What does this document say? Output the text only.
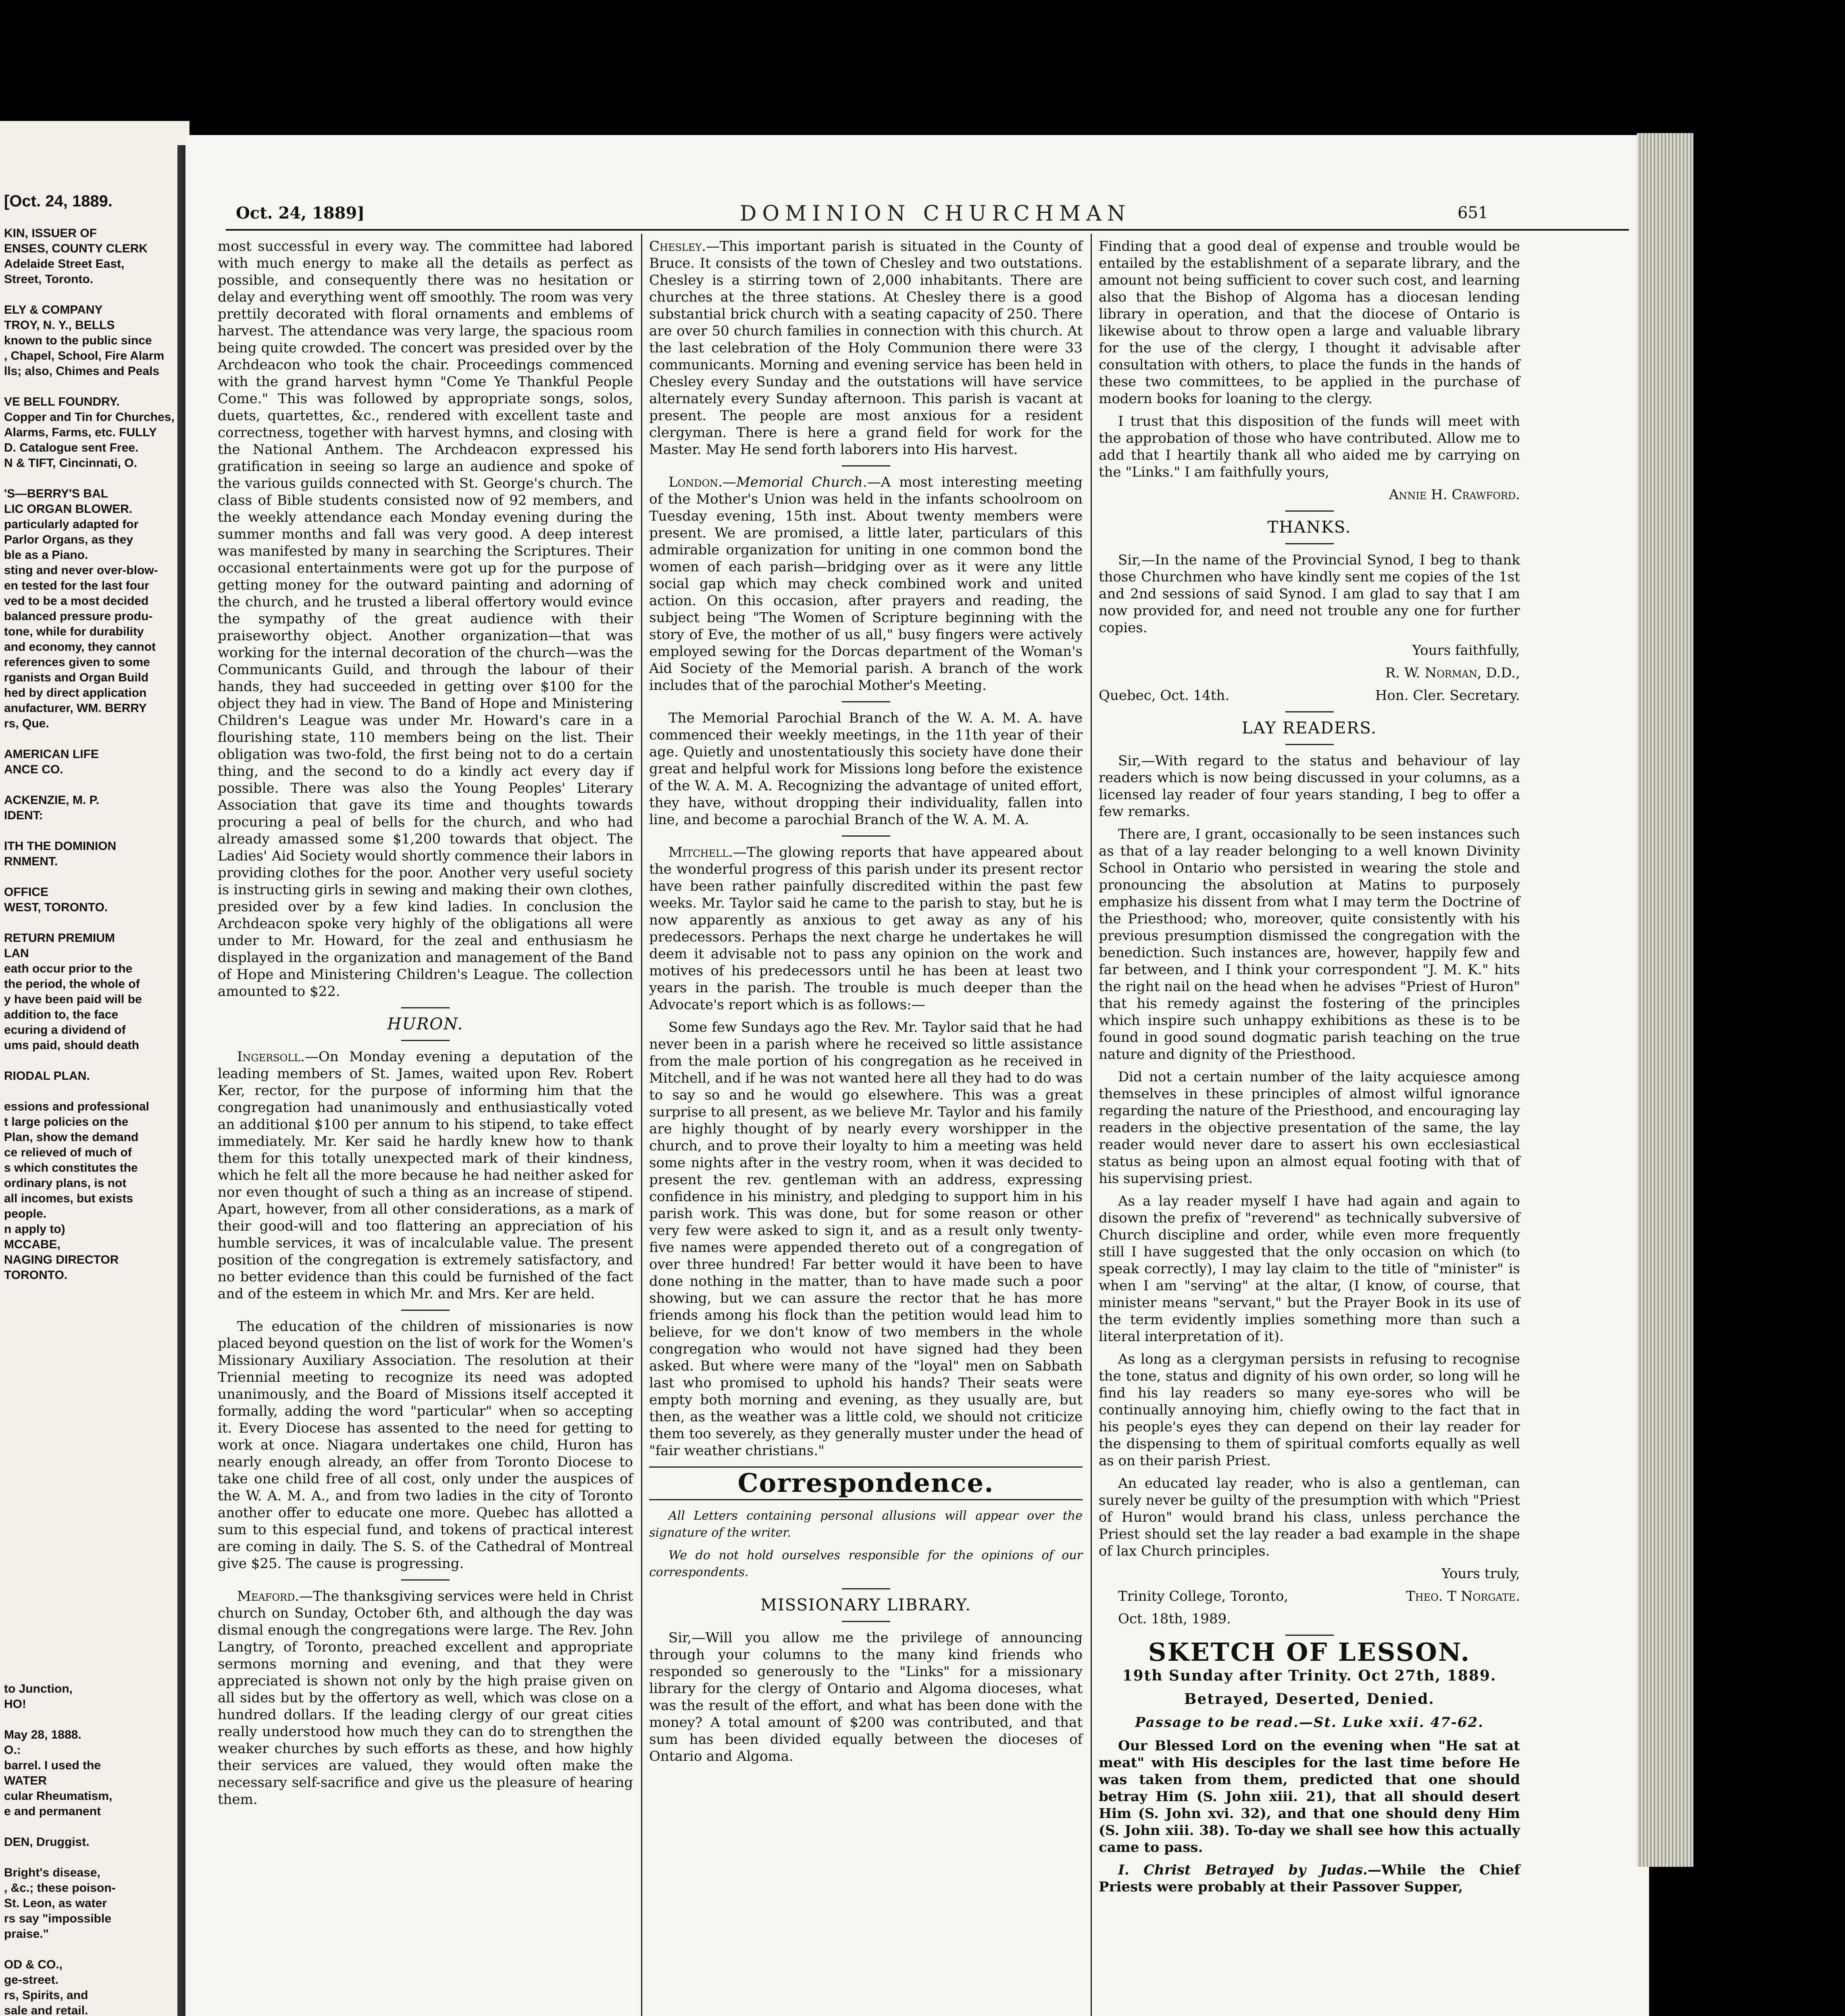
[Oct. 24, 1889.
KIN, ISSUER OF
ENSES, COUNTY CLERK
Adelaide Street East,
Street, Toronto.

ELY & COMPANY
TROY, N. Y., BELLS
known to the public since
, Chapel, School, Fire Alarm
lls; also, Chimes and Peals

VE BELL FOUNDRY.
Copper and Tin for Churches,
Alarms, Farms, etc. FULLY
D. Catalogue sent Free.
N & TIFT, Cincinnati, O.

'S—BERRY'S BAL
LIC ORGAN BLOWER.
particularly adapted for
Parlor Organs, as they
ble as a Piano.
sting and never over-blow-
en tested for the last four
ved to be a most decided
balanced pressure produ-
tone, while for durability
and economy, they cannot
references given to some
rganists and Organ Build
hed by direct application
anufacturer, WM. BERRY
rs, Que.

AMERICAN LIFE
ANCE CO.

ACKENZIE, M. P.
IDENT:

ITH THE DOMINION
RNMENT.

OFFICE
WEST, TORONTO.

RETURN PREMIUM
LAN
eath occur prior to the
the period, the whole of
y have been paid will be
addition to, the face
ecuring a dividend of
ums paid, should death

RIODAL PLAN.

essions and professional
t large policies on the
Plan, show the demand
ce relieved of much of
s which constitutes the
ordinary plans, is not
all incomes, but exists
people.
n apply to)
MCCABE,
NAGING DIRECTOR
TORONTO.
to Junction,
HO!

May 28, 1888.
O.:
barrel. I used the
WATER
cular Rheumatism,
e and permanent

DEN, Druggist.

Bright's disease,
, &c.; these poison-
St. Leon, as water
rs say "impossible
praise."

OD & CO.,
ge-street.
rs, Spirits, and
sale and retail.
Oct. 24, 1889]	DOMINION CHURCHMAN	651

most successful in every way. The committee had labored with much energy to make all the details as perfect as possible, and consequently there was no hesitation or delay and everything went off smoothly. The room was very prettily decorated with floral ornaments and emblems of harvest. The attendance was very large, the spacious room being quite crowded. The concert was presided over by the Archdeacon who took the chair. Proceedings commenced with the grand harvest hymn "Come Ye Thankful People Come." This was followed by appropriate songs, solos, duets, quartettes, &c., rendered with excellent taste and correctness, together with harvest hymns, and closing with the National Anthem. The Archdeacon expressed his gratification in seeing so large an audience and spoke of the various guilds connected with St. George's church. The class of Bible students consisted now of 92 members, and the weekly attendance each Monday evening during the summer months and fall was very good. A deep interest was manifested by many in searching the Scriptures. Their occasional entertainments were got up for the purpose of getting money for the outward painting and adorning of the church, and he trusted a liberal offertory would evince the sympathy of the great audience with their praiseworthy object. Another organization—that was working for the internal decoration of the church—was the Communicants Guild, and through the labour of their hands, they had succeeded in getting over $100 for the object they had in view. The Band of Hope and Ministering Children's League was under Mr. Howard's care in a flourishing state, 110 members being on the list. Their obligation was two-fold, the first being not to do a certain thing, and the second to do a kindly act every day if possible. There was also the Young Peoples' Literary Association that gave its time and thoughts towards procuring a peal of bells for the church, and who had already amassed some $1,200 towards that object. The Ladies' Aid Society would shortly commence their labors in providing clothes for the poor. Another very useful society is instructing girls in sewing and making their own clothes, presided over by a few kind ladies. In conclusion the Archdeacon spoke very highly of the obligations all were under to Mr. Howard, for the zeal and enthusiasm he displayed in the organization and management of the Band of Hope and Ministering Children's League. The collection amounted to $22.

HURON.

Ingersoll.—On Monday evening a deputation of the leading members of St. James, waited upon Rev. Robert Ker, rector, for the purpose of informing him that the congregation had unanimously and enthusiastically voted an additional $100 per annum to his stipend, to take effect immediately. Mr. Ker said he hardly knew how to thank them for this totally unexpected mark of their kindness, which he felt all the more because he had neither asked for nor even thought of such a thing as an increase of stipend. Apart, however, from all other considerations, as a mark of their good-will and too flattering an appreciation of his humble services, it was of incalculable value. The present position of the congregation is extremely satisfactory, and no better evidence than this could be furnished of the fact and of the esteem in which Mr. and Mrs. Ker are held.

The education of the children of missionaries is now placed beyond question on the list of work for the Women's Missionary Auxiliary Association. The resolution at their Triennial meeting to recognize its need was adopted unanimously, and the Board of Missions itself accepted it formally, adding the word "particular" when so accepting it. Every Diocese has assented to the need for getting to work at once. Niagara undertakes one child, Huron has nearly enough already, an offer from Toronto Diocese to take one child free of all cost, only under the auspices of the W. A. M. A., and from two ladies in the city of Toronto another offer to educate one more. Quebec has allotted a sum to this especial fund, and tokens of practical interest are coming in daily. The S. S. of the Cathedral of Montreal give $25. The cause is progressing.

Meaford.—The thanksgiving services were held in Christ church on Sunday, October 6th, and although the day was dismal enough the congregations were large. The Rev. John Langtry, of Toronto, preached excellent and appropriate sermons morning and evening, and that they were appreciated is shown not only by the high praise given on all sides but by the offertory as well, which was close on a hundred dollars. If the leading clergy of our great cities really understood how much they can do to strengthen the weaker churches by such efforts as these, and how highly their services are valued, they would often make the necessary self-sacrifice and give us the pleasure of hearing them.

Chesley.—This important parish is situated in the County of Bruce. It consists of the town of Chesley and two outstations. Chesley is a stirring town of 2,000 inhabitants. There are churches at the three stations. At Chesley there is a good substantial brick church with a seating capacity of 250. There are over 50 church families in connection with this church. At the last celebration of the Holy Communion there were 33 communicants. Morning and evening service has been held in Chesley every Sunday and the outstations will have service alternately every Sunday afternoon. This parish is vacant at present. The people are most anxious for a resident clergyman. There is here a grand field for work for the Master. May He send forth laborers into His harvest.

London.—Memorial Church.—A most interesting meeting of the Mother's Union was held in the infants schoolroom on Tuesday evening, 15th inst. About twenty members were present. We are promised, a little later, particulars of this admirable organization for uniting in one common bond the women of each parish—bridging over as it were any little social gap which may check combined work and united action. On this occasion, after prayers and reading, the subject being "The Women of Scripture beginning with the story of Eve, the mother of us all," busy fingers were actively employed sewing for the Dorcas department of the Woman's Aid Society of the Memorial parish. A branch of the work includes that of the parochial Mother's Meeting.

The Memorial Parochial Branch of the W. A. M. A. have commenced their weekly meetings, in the 11th year of their age. Quietly and unostentatiously this society have done their great and helpful work for Missions long before the existence of the W. A. M. A. Recognizing the advantage of united effort, they have, without dropping their individuality, fallen into line, and become a parochial Branch of the W. A. M. A.

Mitchell.—The glowing reports that have appeared about the wonderful progress of this parish under its present rector have been rather painfully discredited within the past few weeks. Mr. Taylor said he came to the parish to stay, but he is now apparently as anxious to get away as any of his predecessors. Perhaps the next charge he undertakes he will deem it advisable not to pass any opinion on the work and motives of his predecessors until he has been at least two years in the parish. The trouble is much deeper than the Advocate's report which is as follows:—

Some few Sundays ago the Rev. Mr. Taylor said that he had never been in a parish where he received so little assistance from the male portion of his congregation as he received in Mitchell, and if he was not wanted here all they had to do was to say so and he would go elsewhere. This was a great surprise to all present, as we believe Mr. Taylor and his family are highly thought of by nearly every worshipper in the church, and to prove their loyalty to him a meeting was held some nights after in the vestry room, when it was decided to present the rev. gentleman with an address, expressing confidence in his ministry, and pledging to support him in his parish work. This was done, but for some reason or other very few were asked to sign it, and as a result only twenty-five names were appended thereto out of a congregation of over three hundred! Far better would it have been to have done nothing in the matter, than to have made such a poor showing, but we can assure the rector that he has more friends among his flock than the petition would lead him to believe, for we don't know of two members in the whole congregation who would not have signed had they been asked. But where were many of the "loyal" men on Sabbath last who promised to uphold his hands? Their seats were empty both morning and evening, as they usually are, but then, as the weather was a little cold, we should not criticize them too severely, as they generally muster under the head of "fair weather christians."

Correspondence.

All Letters containing personal allusions will appear over the signature of the writer.

We do not hold ourselves responsible for the opinions of our correspondents.

MISSIONARY LIBRARY.

Sir,—Will you allow me the privilege of announcing through your columns to the many kind friends who responded so generously to the "Links" for a missionary library for the clergy of Ontario and Algoma dioceses, what was the result of the effort, and what has been done with the money? A total amount of $200 was contributed, and that sum has been divided equally between the dioceses of Ontario and Algoma.

Finding that a good deal of expense and trouble would be entailed by the establishment of a separate library, and the amount not being sufficient to cover such cost, and learning also that the Bishop of Algoma has a diocesan lending library in operation, and that the diocese of Ontario is likewise about to throw open a large and valuable library for the use of the clergy, I thought it advisable after consultation with others, to place the funds in the hands of these two committees, to be applied in the purchase of modern books for loaning to the clergy.

I trust that this disposition of the funds will meet with the approbation of those who have contributed. Allow me to add that I heartily thank all who aided me by carrying on the "Links." I am faithfully yours,

Annie H. Crawford.

THANKS.

Sir,—In the name of the Provincial Synod, I beg to thank those Churchmen who have kindly sent me copies of the 1st and 2nd sessions of said Synod. I am glad to say that I am now provided for, and need not trouble any one for further copies.

Yours faithfully,

R. W. Norman, D.D.,

Quebec, Oct. 14th.	Hon. Cler. Secretary.

LAY READERS.

Sir,—With regard to the status and behaviour of lay readers which is now being discussed in your columns, as a licensed lay reader of four years standing, I beg to offer a few remarks.

There are, I grant, occasionally to be seen instances such as that of a lay reader belonging to a well known Divinity School in Ontario who persisted in wearing the stole and pronouncing the absolution at Matins to purposely emphasize his dissent from what I may term the Doctrine of the Priesthood; who, moreover, quite consistently with his previous presumption dismissed the congregation with the benediction. Such instances are, however, happily few and far between, and I think your correspondent "J. M. K." hits the right nail on the head when he advises "Priest of Huron" that his remedy against the fostering of the principles which inspire such unhappy exhibitions as these is to be found in good sound dogmatic parish teaching on the true nature and dignity of the Priesthood.

Did not a certain number of the laity acquiesce among themselves in these principles of almost wilful ignorance regarding the nature of the Priesthood, and encouraging lay readers in the objective presentation of the same, the lay reader would never dare to assert his own ecclesiastical status as being upon an almost equal footing with that of his supervising priest.

As a lay reader myself I have had again and again to disown the prefix of "reverend" as technically subversive of Church discipline and order, while even more frequently still I have suggested that the only occasion on which (to speak correctly), I may lay claim to the title of "minister" is when I am "serving" at the altar, (I know, of course, that minister means "servant," but the Prayer Book in its use of the term evidently implies something more than such a literal interpretation of it).

As long as a clergyman persists in refusing to recognise the tone, status and dignity of his own order, so long will he find his lay readers so many eye-sores who will be continually annoying him, chiefly owing to the fact that in his people's eyes they can depend on their lay reader for the dispensing to them of spiritual comforts equally as well as on their parish Priest.

An educated lay reader, who is also a gentleman, can surely never be guilty of the presumption with which "Priest of Huron" would brand his class, unless perchance the Priest should set the lay reader a bad example in the shape of lax Church principles.

Yours truly,

Trinity College, Toronto,	Theo. T Norgate.

Oct. 18th, 1989.

SKETCH OF LESSON.
19th Sunday after Trinity. Oct 27th, 1889.
Betrayed, Deserted, Denied.
Passage to be read.—St. Luke xxii. 47-62.

Our Blessed Lord on the evening when "He sat at meat" with His desciples for the last time before He was taken from them, predicted that one should betray Him (S. John xiii. 21), that all should desert Him (S. John xvi. 32), and that one should deny Him (S. John xiii. 38). To-day we shall see how this actually came to pass.

I. Christ Betrayed by Judas.—While the Chief Priests were probably at their Passover Supper,
